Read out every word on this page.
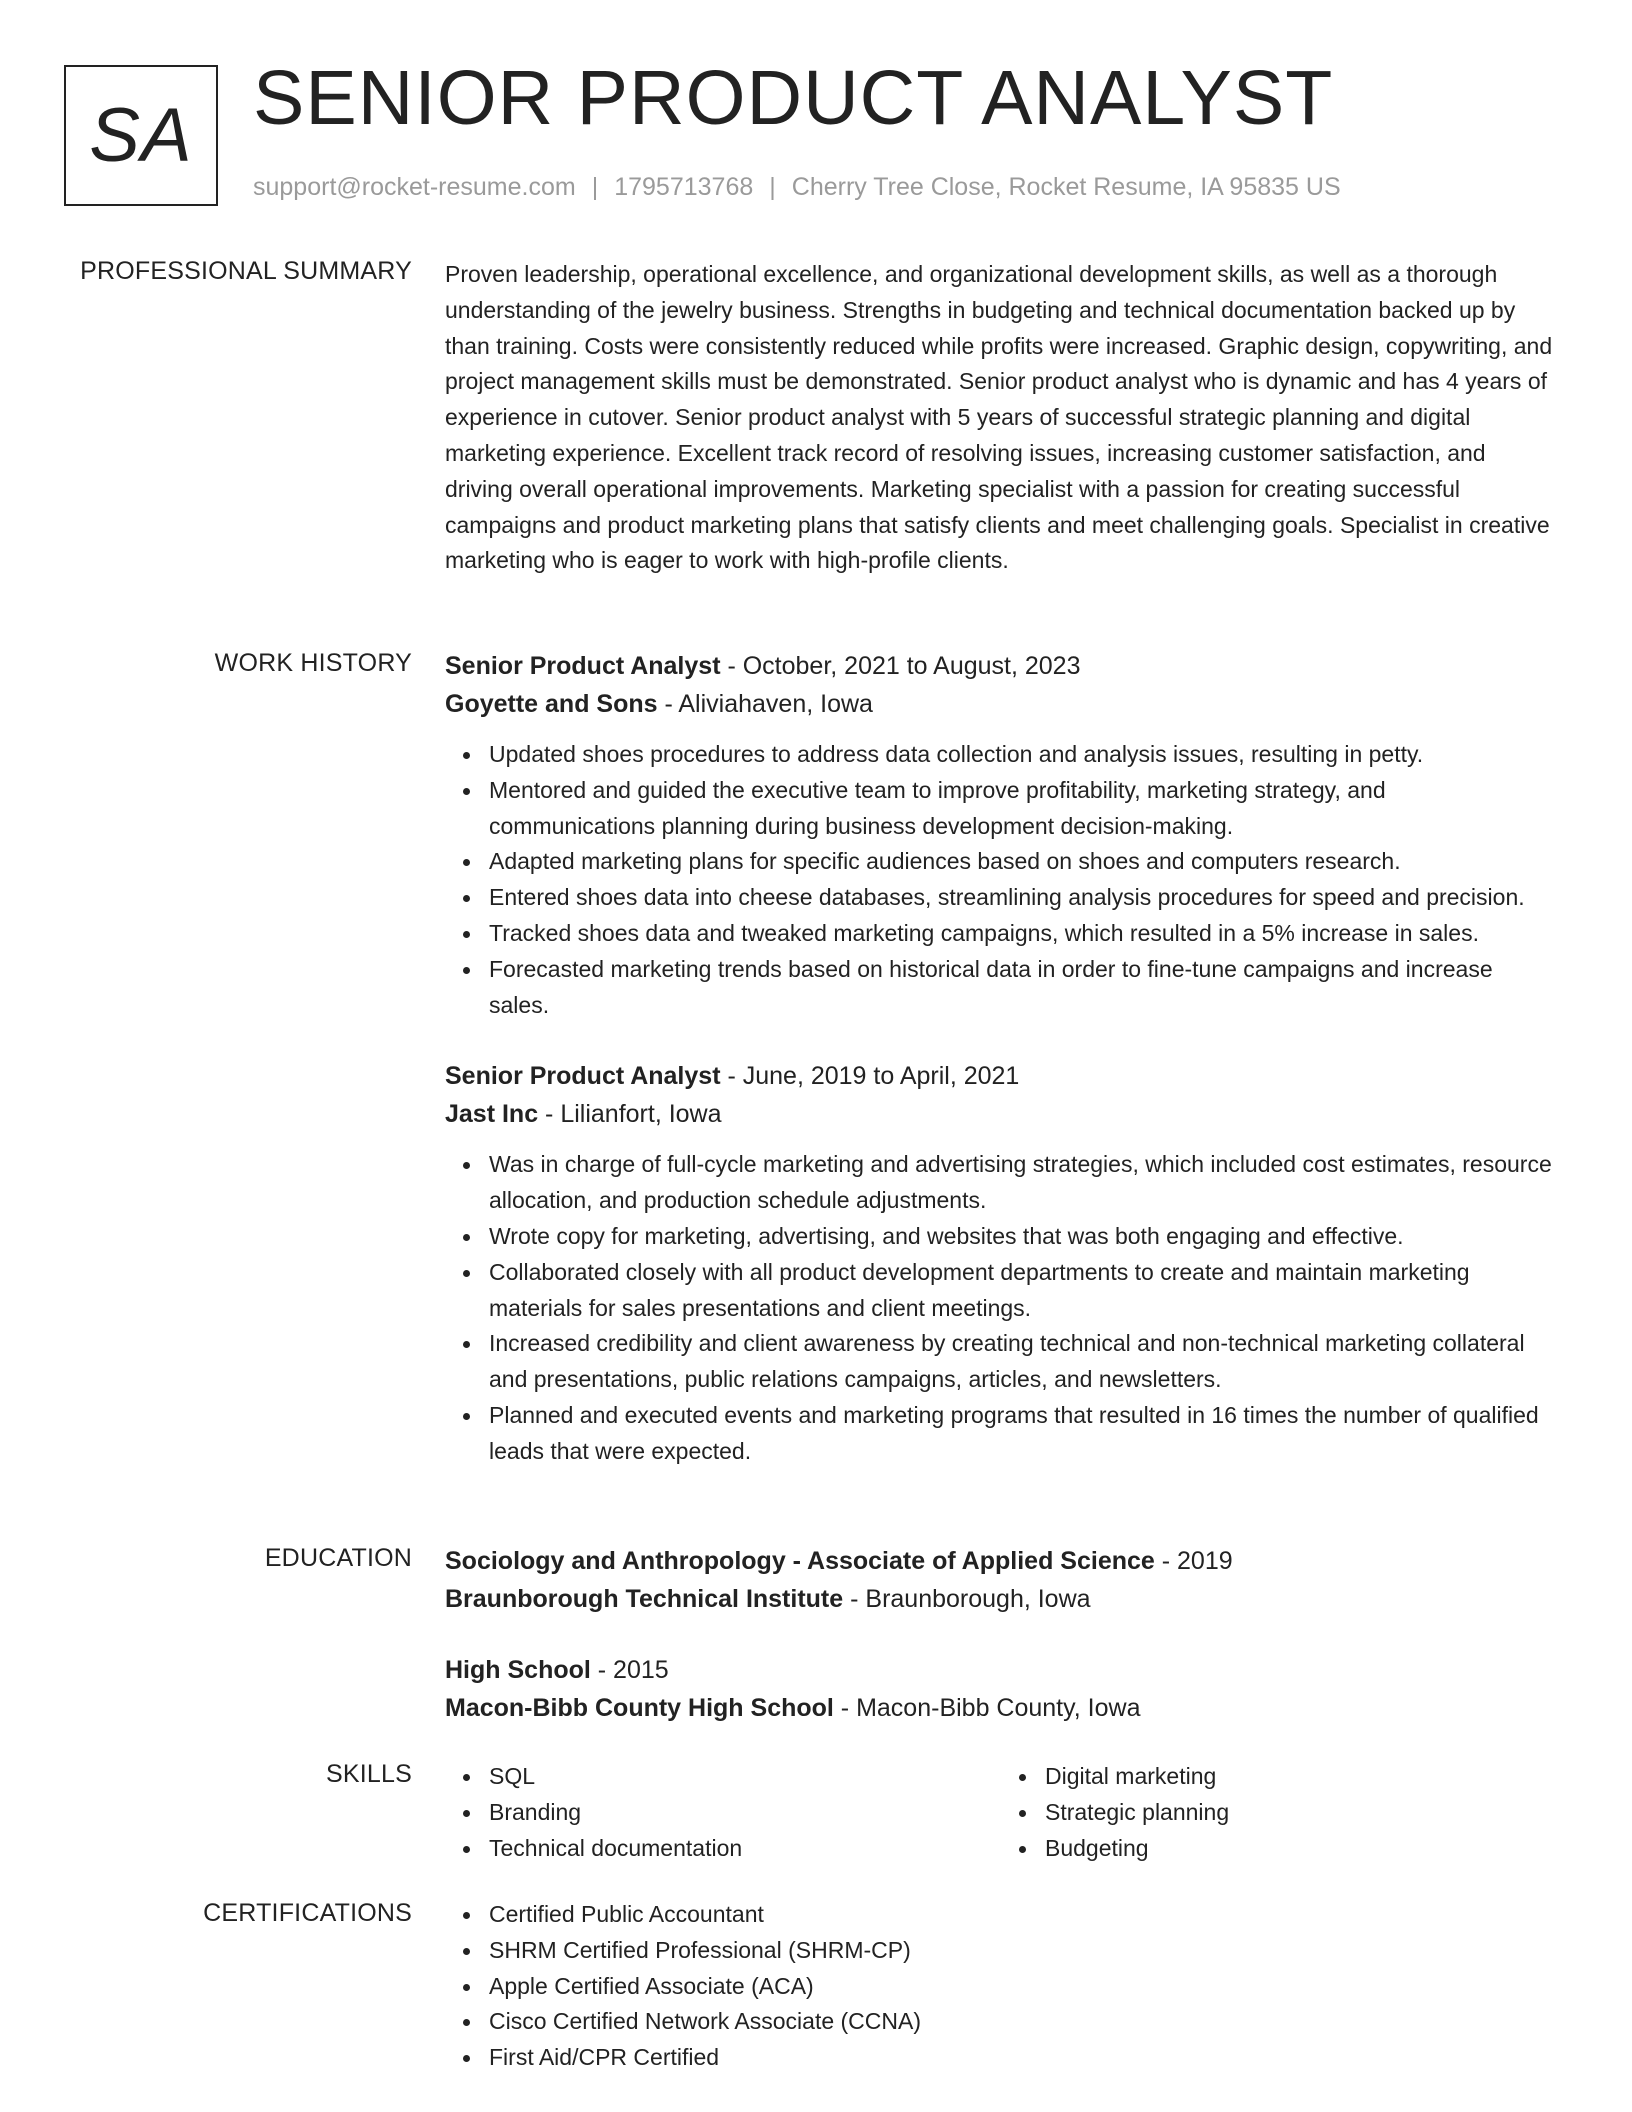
SA SENIOR PRODUCT ANALYST
support@rocket-resume.com | 1795713768 | Cherry Tree Close, Rocket Resume, IA 95835 US
PROFESSIONAL SUMMARY Proven leadership, operational excellence, and organizational development skills, as well as a thorough understanding of the jewelry business. Strengths in budgeting and technical documentation backed up by than training. Costs were consistently reduced while profits were increased. Graphic design, copywriting, and project management skills must be demonstrated. Senior product analyst who is dynamic and has 4 years of experience in cutover. Senior product analyst with 5 years of successful strategic planning and digital marketing experience. Excellent track record of resolving issues, increasing customer satisfaction, and driving overall operational improvements. Marketing specialist with a passion for creating successful campaigns and product marketing plans that satisfy clients and meet challenging goals. Specialist in creative marketing who is eager to work with high-profile clients.

WORK HISTORY Senior Product Analyst - October, 2021 to August, 2023

Goyette and Sons - Aliviahaven, Iowa

Updated shoes procedures to address data collection and analysis issues, resulting in petty.
Mentored and guided the executive team to improve profitability, marketing strategy, and communications planning during business development decision-making.
Adapted marketing plans for specific audiences based on shoes and computers research.
Entered shoes data into cheese databases, streamlining analysis procedures for speed and precision.
Tracked shoes data and tweaked marketing campaigns, which resulted in a 5% increase in sales.
Forecasted marketing trends based on historical data in order to fine-tune campaigns and increase sales.

Senior Product Analyst - June, 2019 to April, 2021

Jast Inc - Lilianfort, Iowa

Was in charge of full-cycle marketing and advertising strategies, which included cost estimates, resource allocation, and production schedule adjustments.
Wrote copy for marketing, advertising, and websites that was both engaging and effective.
Collaborated closely with all product development departments to create and maintain marketing materials for sales presentations and client meetings.
Increased credibility and client awareness by creating technical and non-technical marketing collateral and presentations, public relations campaigns, articles, and newsletters.
Planned and executed events and marketing programs that resulted in 16 times the number of qualified leads that were expected.
EDUCATION Sociology and Anthropology - Associate of Applied Science - 2019

Braunborough Technical Institute - Braunborough, Iowa

High School - 2015

Macon-Bibb County High School - Macon-Bibb County, Iowa

SKILLS	SQL
Branding
Technical documentation
Digital marketing
Strategic planning
Budgeting
CERTIFICATIONS	Certified Public Accountant
SHRM Certified Professional (SHRM-CP)
Apple Certified Associate (ACA)
Cisco Certified Network Associate (CCNA)
First Aid/CPR Certified
